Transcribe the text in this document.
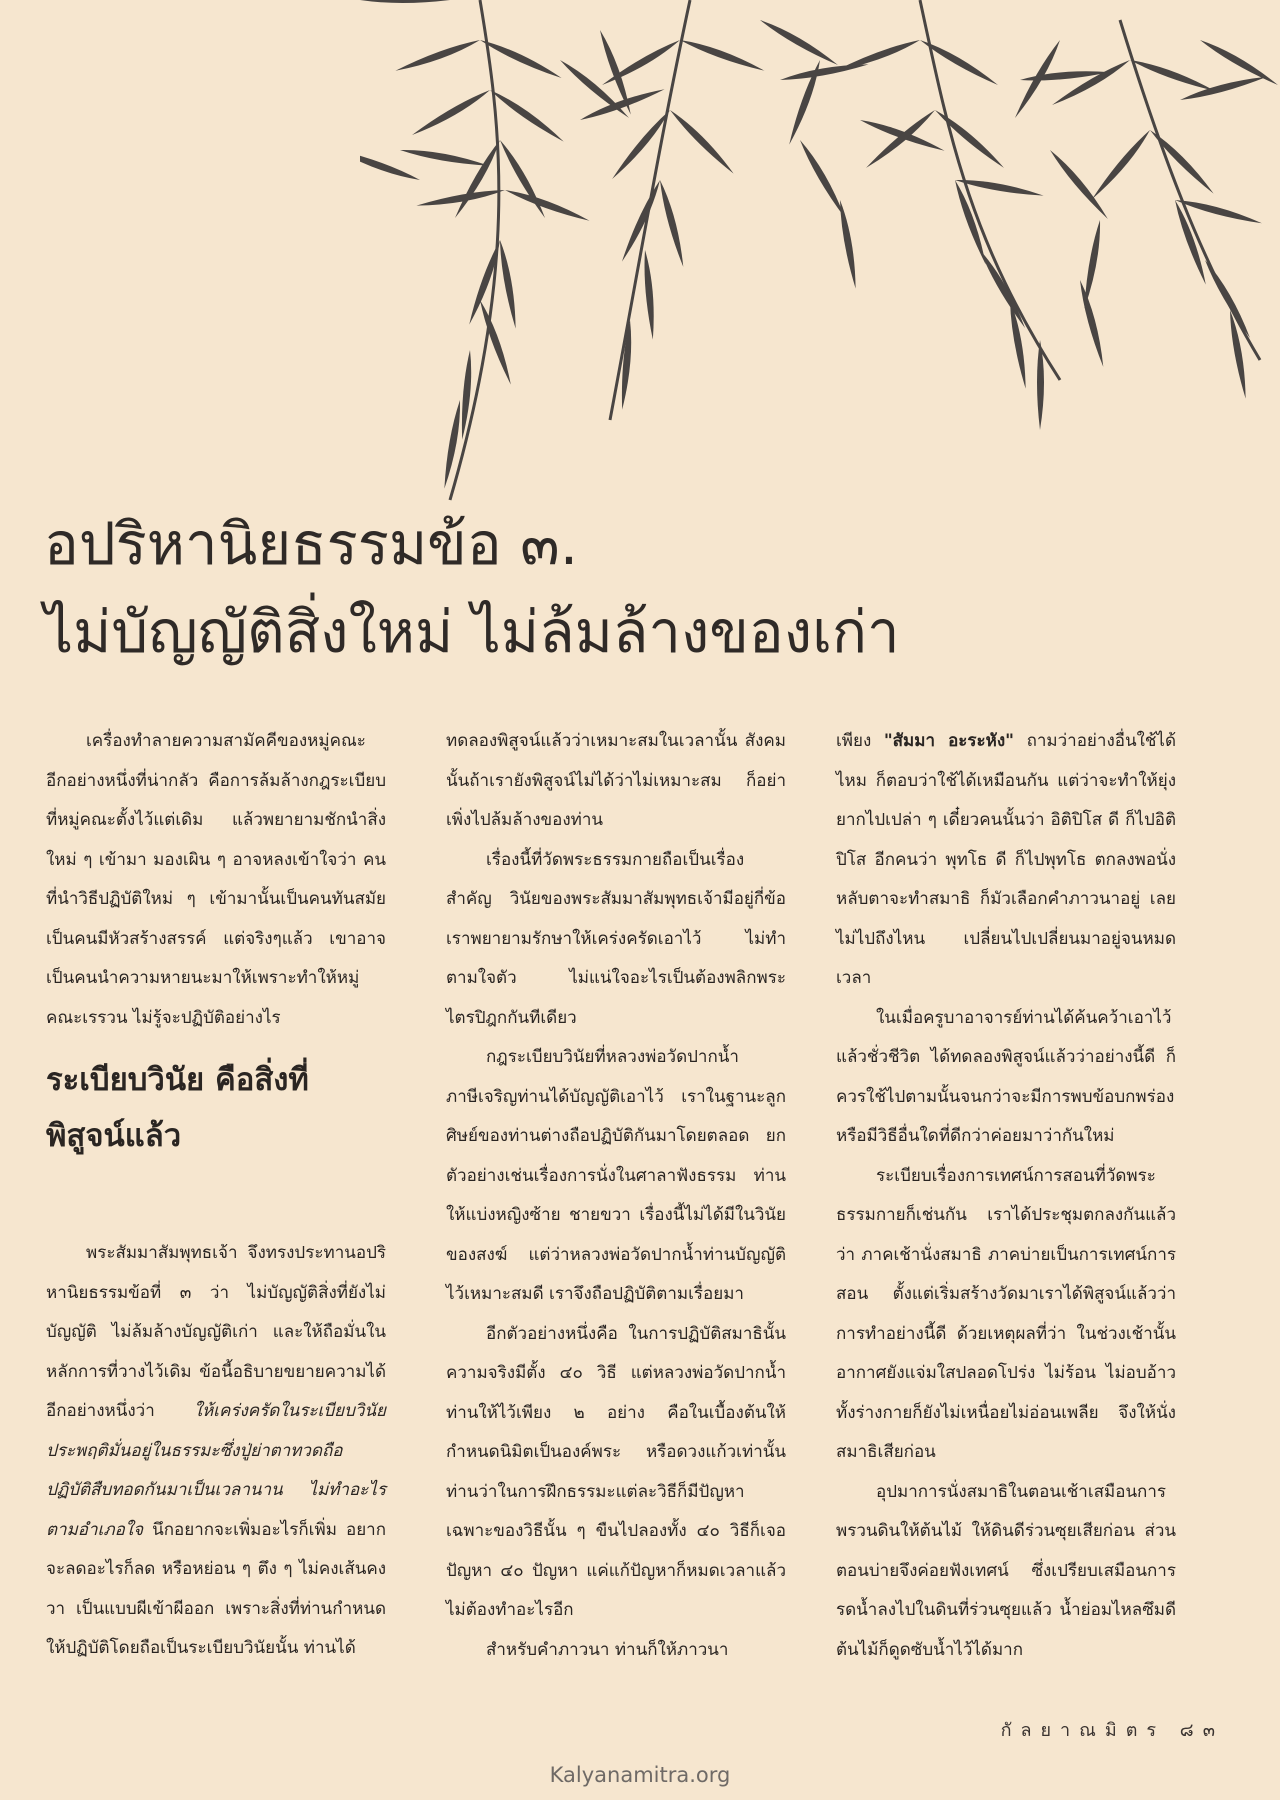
อปริหานิยธรรมข้อ ๓.
ไม่บัญญัติสิ่งใหม่ ไม่ล้มล้างของเก่า

เครื่องทำลายความสามัคคีของหมู่คณะอีกอย่างหนึ่งที่น่ากลัว คือการล้มล้างกฎระเบียบที่หมู่คณะตั้งไว้แต่เดิม แล้วพยายามชักนำสิ่งใหม่ ๆ เข้ามา มองเผิน ๆ อาจหลงเข้าใจว่า คนที่นำวิธีปฏิบัติใหม่ ๆ เข้ามานั้นเป็นคนทันสมัย เป็นคนมีหัวสร้างสรรค์ แต่จริงๆแล้ว เขาอาจเป็นคนนำความหายนะมาให้เพราะทำให้หมู่คณะเรรวน ไม่รู้จะปฏิบัติอย่างไร

ระเบียบวินัย คือสิ่งที่พิสูจน์แล้ว

พระสัมมาสัมพุทธเจ้า จึงทรงประทานอปริหานิยธรรมข้อที่ ๓ ว่า ไม่บัญญัติสิ่งที่ยังไม่บัญญัติ ไม่ล้มล้างบัญญัติเก่า และให้ถือมั่นในหลักการที่วางไว้เดิม ข้อนี้อธิบายขยายความได้อีกอย่างหนึ่งว่า ให้เคร่งครัดในระเบียบวินัย ประพฤติมั่นอยู่ในธรรมะซึ่งปู่ย่าตาทวดถือปฏิบัติสืบทอดกันมาเป็นเวลานาน ไม่ทำอะไรตามอำเภอใจ นึกอยากจะเพิ่มอะไรก็เพิ่ม อยากจะลดอะไรก็ลด หรือหย่อน ๆ ตึง ๆ ไม่คงเส้นคงวา เป็นแบบผีเข้าผีออก เพราะสิ่งที่ท่านกำหนดให้ปฏิบัติโดยถือเป็นระเบียบวินัยนั้น ท่านได้

ทดลองพิสูจน์แล้วว่าเหมาะสมในเวลานั้น สังคมนั้นถ้าเรายังพิสูจน์ไม่ได้ว่าไม่เหมาะสม ก็อย่าเพิ่งไปล้มล้างของท่าน

เรื่องนี้ที่วัดพระธรรมกายถือเป็นเรื่องสำคัญ วินัยของพระสัมมาสัมพุทธเจ้ามีอยู่กี่ข้อ เราพยายามรักษาให้เคร่งครัดเอาไว้ ไม่ทำตามใจตัว ไม่แน่ใจอะไรเป็นต้องพลิกพระไตรปิฎกกันทีเดียว

กฎระเบียบวินัยที่หลวงพ่อวัดปากน้ำภาษีเจริญท่านได้บัญญัติเอาไว้ เราในฐานะลูกศิษย์ของท่านต่างถือปฏิบัติกันมาโดยตลอด ยกตัวอย่างเช่นเรื่องการนั่งในศาลาฟังธรรม ท่านให้แบ่งหญิงซ้าย ชายขวา เรื่องนี้ไม่ได้มีในวินัยของสงฆ์ แต่ว่าหลวงพ่อวัดปากน้ำท่านบัญญัติไว้เหมาะสมดี เราจึงถือปฏิบัติตามเรื่อยมา

อีกตัวอย่างหนึ่งคือ ในการปฏิบัติสมาธินั้นความจริงมีตั้ง ๔๐ วิธี แต่หลวงพ่อวัดปากน้ำท่านให้ไว้เพียง ๒ อย่าง คือในเบื้องต้นให้กำหนดนิมิตเป็นองค์พระ หรือดวงแก้วเท่านั้น ท่านว่าในการฝึกธรรมะแต่ละวิธีก็มีปัญหาเฉพาะของวิธีนั้น ๆ ขืนไปลองทั้ง ๔๐ วิธีก็เจอปัญหา ๔๐ ปัญหา แค่แก้ปัญหาก็หมดเวลาแล้วไม่ต้องทำอะไรอีก

สำหรับคำภาวนา ท่านก็ให้ภาวนา

เพียง "สัมมา อะระหัง" ถามว่าอย่างอื่นใช้ได้ไหม ก็ตอบว่าใช้ได้เหมือนกัน แต่ว่าจะทำให้ยุ่งยากไปเปล่า ๆ เดี๋ยวคนนั้นว่า อิติปิโส ดี ก็ไปอิติปิโส อีกคนว่า พุทโธ ดี ก็ไปพุทโธ ตกลงพอนั่งหลับตาจะทำสมาธิ ก็มัวเลือกคำภาวนาอยู่ เลยไม่ไปถึงไหน เปลี่ยนไปเปลี่ยนมาอยู่จนหมดเวลา

ในเมื่อครูบาอาจารย์ท่านได้ค้นคว้าเอาไว้แล้วชั่วชีวิต ได้ทดลองพิสูจน์แล้วว่าอย่างนี้ดี ก็ควรใช้ไปตามนั้นจนกว่าจะมีการพบข้อบกพร่อง หรือมีวิธีอื่นใดที่ดีกว่าค่อยมาว่ากันใหม่

ระเบียบเรื่องการเทศน์การสอนที่วัดพระธรรมกายก็เช่นกัน เราได้ประชุมตกลงกันแล้วว่า ภาคเช้านั่งสมาธิ ภาคบ่ายเป็นการเทศน์การสอน ตั้งแต่เริ่มสร้างวัดมาเราได้พิสูจน์แล้วว่า การทำอย่างนี้ดี ด้วยเหตุผลที่ว่า ในช่วงเช้านั้นอากาศยังแจ่มใสปลอดโปร่ง ไม่ร้อน ไม่อบอ้าว ทั้งร่างกายก็ยังไม่เหนื่อยไม่อ่อนเพลีย จึงให้นั่งสมาธิเสียก่อน

อุปมาการนั่งสมาธิในตอนเช้าเสมือนการพรวนดินให้ต้นไม้ ให้ดินดีร่วนซุยเสียก่อน ส่วนตอนบ่ายจึงค่อยฟังเทศน์ ซึ่งเปรียบเสมือนการรดน้ำลงไปในดินที่ร่วนซุยแล้ว น้ำย่อมไหลซึมดี ต้นไม้ก็ดูดซับน้ำไว้ได้มาก

กัลยาณมิตร ๘๓
Kalyanamitra.org
